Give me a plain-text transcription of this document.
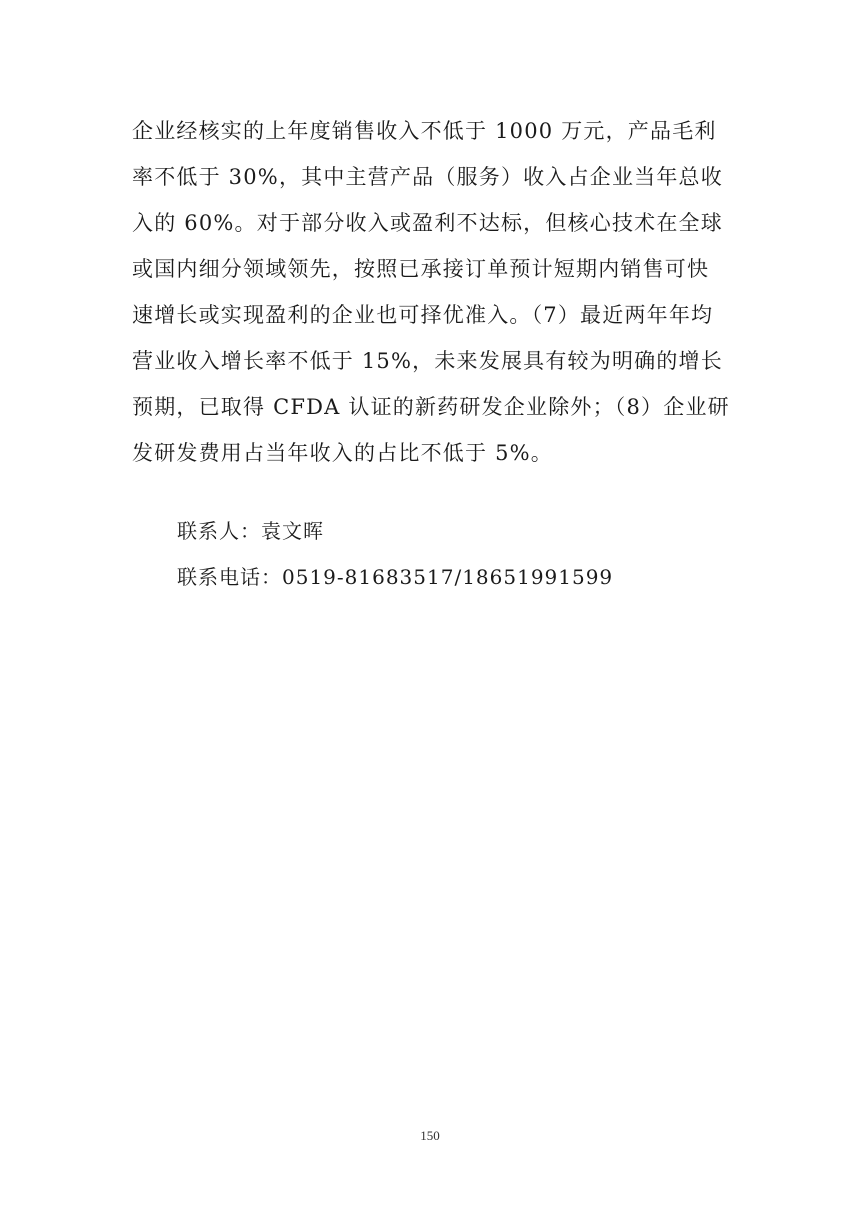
企业经核实的上年度销售收入不低于 1000 万元，产品毛利
率不低于 30%，其中主营产品（服务）收入占企业当年总收
入的 60%。对于部分收入或盈利不达标，但核心技术在全球
或国内细分领域领先，按照已承接订单预计短期内销售可快
速增长或实现盈利的企业也可择优准入。（7）最近两年年均
营业收入增长率不低于 15%，未来发展具有较为明确的增长
预期，已取得 CFDA 认证的新药研发企业除外；（8）企业研
发研发费用占当年收入的占比不低于 5%。

联系人：袁文晖
联系电话：0519-81683517/18651991599
150
